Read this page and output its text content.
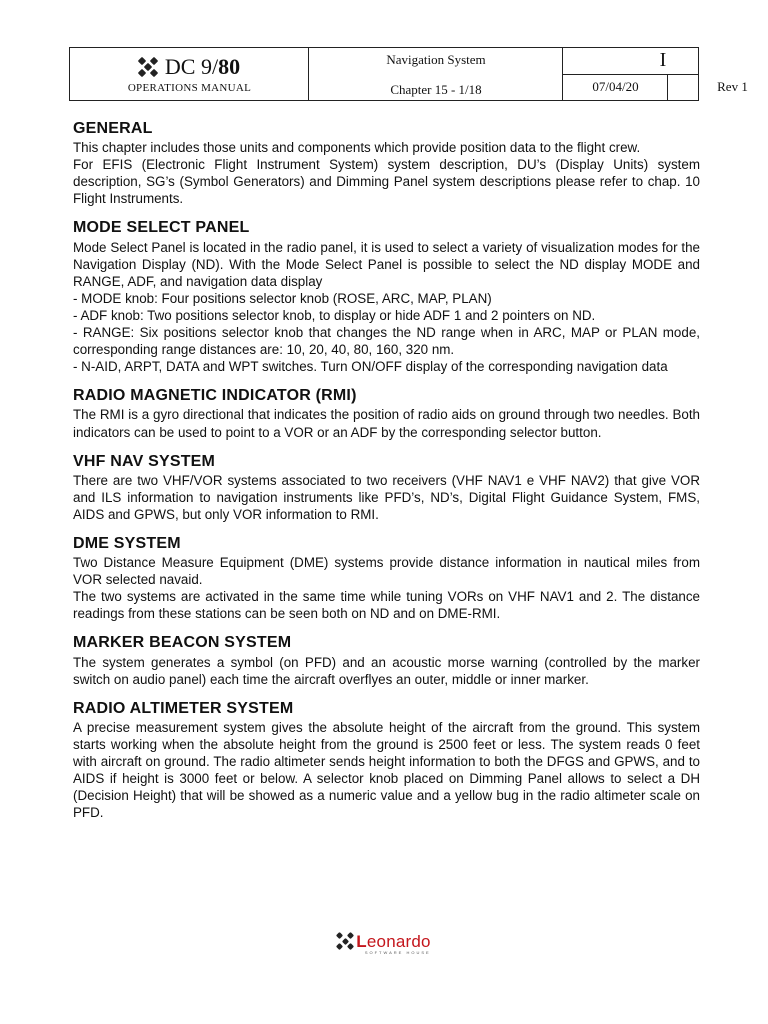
DC 9/80
OPERATIONS MANUAL
Navigation System
Chapter 15 - 1/18
I
07/04/20	Rev 1
GENERAL

This chapter includes those units and components which provide position data to the flight crew.

For EFIS (Electronic Flight Instrument System) system description, DU’s (Display Units) system description, SG’s (Symbol Generators) and Dimming Panel system descriptions please refer to chap. 10 Flight Instruments.

MODE SELECT PANEL

Mode Select Panel is located in the radio panel, it is used to select a variety of visualization modes for the Navigation Display (ND). With the Mode Select Panel is possible to select the ND display MODE and RANGE, ADF, and navigation data display

- MODE knob: Four positions selector knob (ROSE, ARC, MAP, PLAN)

- ADF knob: Two positions selector knob, to display or hide ADF 1 and 2 pointers on ND.

- RANGE: Six positions selector knob that changes the ND range when in ARC, MAP or PLAN mode, corresponding range distances are: 10, 20, 40, 80, 160, 320 nm.

- N-AID, ARPT, DATA and WPT switches. Turn ON/OFF display of the corresponding navigation data

RADIO MAGNETIC INDICATOR (RMI)

The RMI is a gyro directional that indicates the position of radio aids on ground through two needles. Both indicators can be used to point to a VOR or an ADF by the corresponding selector button.

VHF NAV SYSTEM

There are two VHF/VOR systems associated to two receivers (VHF NAV1 e VHF NAV2) that give VOR and ILS information to navigation instruments like PFD’s, ND’s, Digital Flight Guidance System, FMS, AIDS and GPWS, but only VOR information to RMI.

DME SYSTEM

Two Distance Measure Equipment (DME) systems provide distance information in nautical miles from VOR selected navaid.

The two systems are activated in the same time while tuning VORs on VHF NAV1 and 2. The distance readings from these stations can be seen both on ND and on DME-RMI.

MARKER BEACON SYSTEM

The system generates a symbol (on PFD) and an acoustic morse warning (controlled by the marker switch on audio panel) each time the aircraft overflyes an outer, middle or inner marker.

RADIO ALTIMETER SYSTEM

A precise measurement system gives the absolute height of the aircraft from the ground. This system starts working when the absolute height from the ground is 2500 feet or less. The system reads 0 feet with aircraft on ground. The radio altimeter sends height information to both the DFGS and GPWS, and to AIDS if height is 3000 feet or below. A selector knob placed on Dimming Panel allows to select a DH (Decision Height) that will be showed as a numeric value and a yellow bug in the radio altimeter scale on PFD.

Leonardo
SOFTWARE HOUSE
